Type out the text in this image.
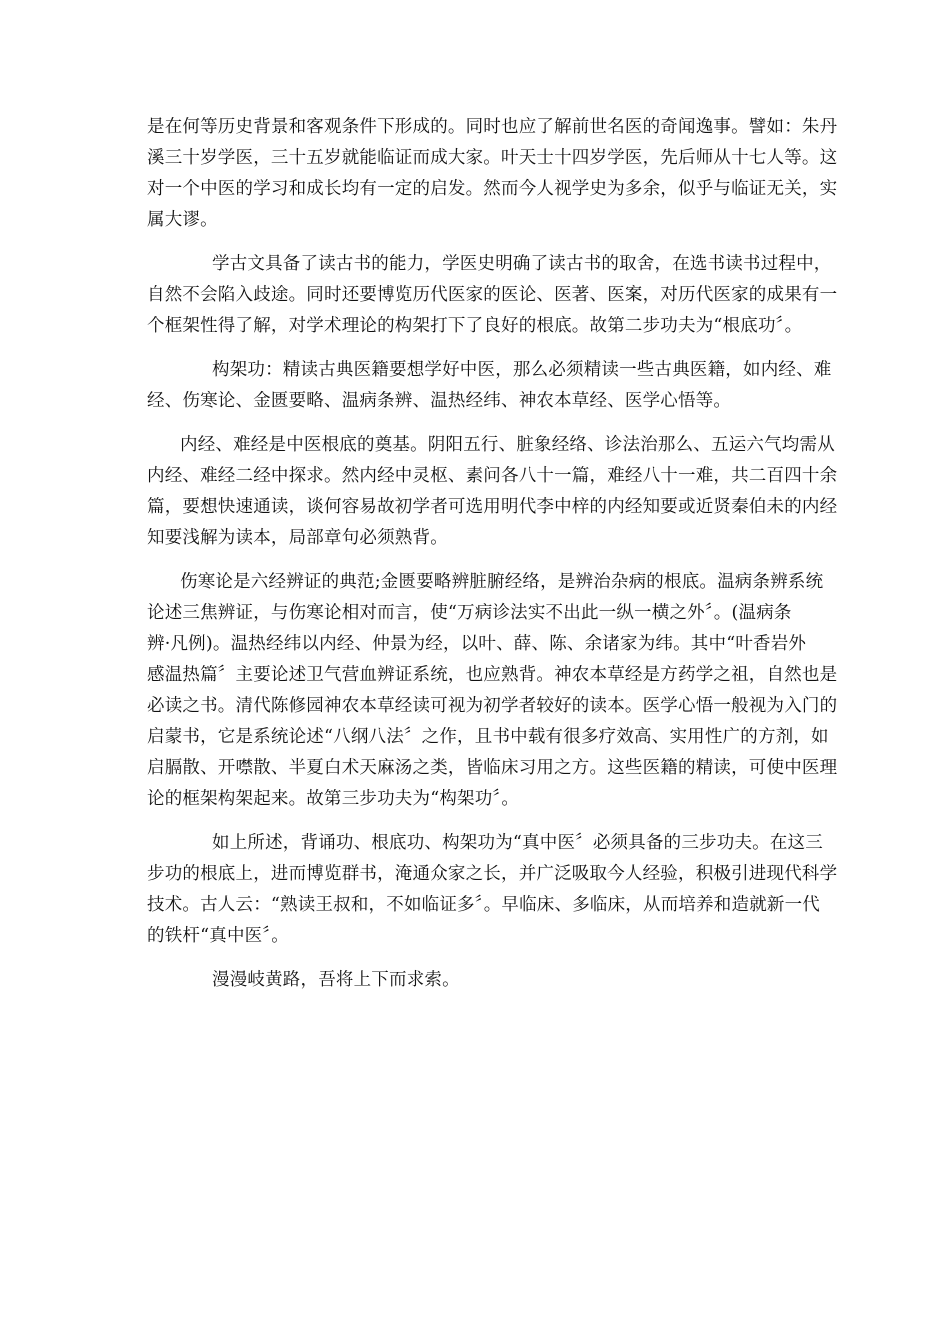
是在何等历史背景和客观条件下形成的。同时也应了解前世名医的奇闻逸事。譬如：朱丹
溪三十岁学医，三十五岁就能临证而成大家。叶天士十四岁学医，先后师从十七人等。这
对一个中医的学习和成长均有一定的启发。然而今人视学史为多余，似乎与临证无关，实
属大谬。
学古文具备了读古书的能力，学医史明确了读古书的取舍，在选书读书过程中，
自然不会陷入歧途。同时还要博览历代医家的医论、医著、医案，对历代医家的成果有一
个框架性得了解，对学术理论的构架打下了良好的根底。故第二步功夫为“根底功〞。
构架功：精读古典医籍要想学好中医，那么必须精读一些古典医籍，如内经、难
经、伤寒论、金匮要略、温病条辨、温热经纬、神农本草经、医学心悟等。
内经、难经是中医根底的奠基。阴阳五行、脏象经络、诊法治那么、五运六气均需从
内经、难经二经中探求。然内经中灵枢、素问各八十一篇，难经八十一难，共二百四十余
篇，要想快速通读，谈何容易故初学者可选用明代李中梓的内经知要或近贤秦伯未的内经
知要浅解为读本，局部章句必须熟背。
伤寒论是六经辨证的典范;金匮要略辨脏腑经络，是辨治杂病的根底。温病条辨系统
论述三焦辨证，与伤寒论相对而言，使“万病诊法实不出此一纵一横之外〞。(温病条
辨·凡例)。温热经纬以内经、仲景为经，以叶、薛、陈、余诸家为纬。其中“叶香岩外
感温热篇〞主要论述卫气营血辨证系统，也应熟背。神农本草经是方药学之祖，自然也是
必读之书。清代陈修园神农本草经读可视为初学者较好的读本。医学心悟一般视为入门的
启蒙书，它是系统论述“八纲八法〞之作，且书中载有很多疗效高、实用性广的方剂，如
启膈散、开噤散、半夏白术天麻汤之类，皆临床习用之方。这些医籍的精读，可使中医理
论的框架构架起来。故第三步功夫为“构架功〞。
如上所述，背诵功、根底功、构架功为“真中医〞必须具备的三步功夫。在这三
步功的根底上，进而博览群书，淹通众家之长，并广泛吸取今人经验，积极引进现代科学
技术。古人云：“熟读王叔和，不如临证多〞。早临床、多临床，从而培养和造就新一代
的铁杆“真中医〞。
漫漫岐黄路，吾将上下而求索。
